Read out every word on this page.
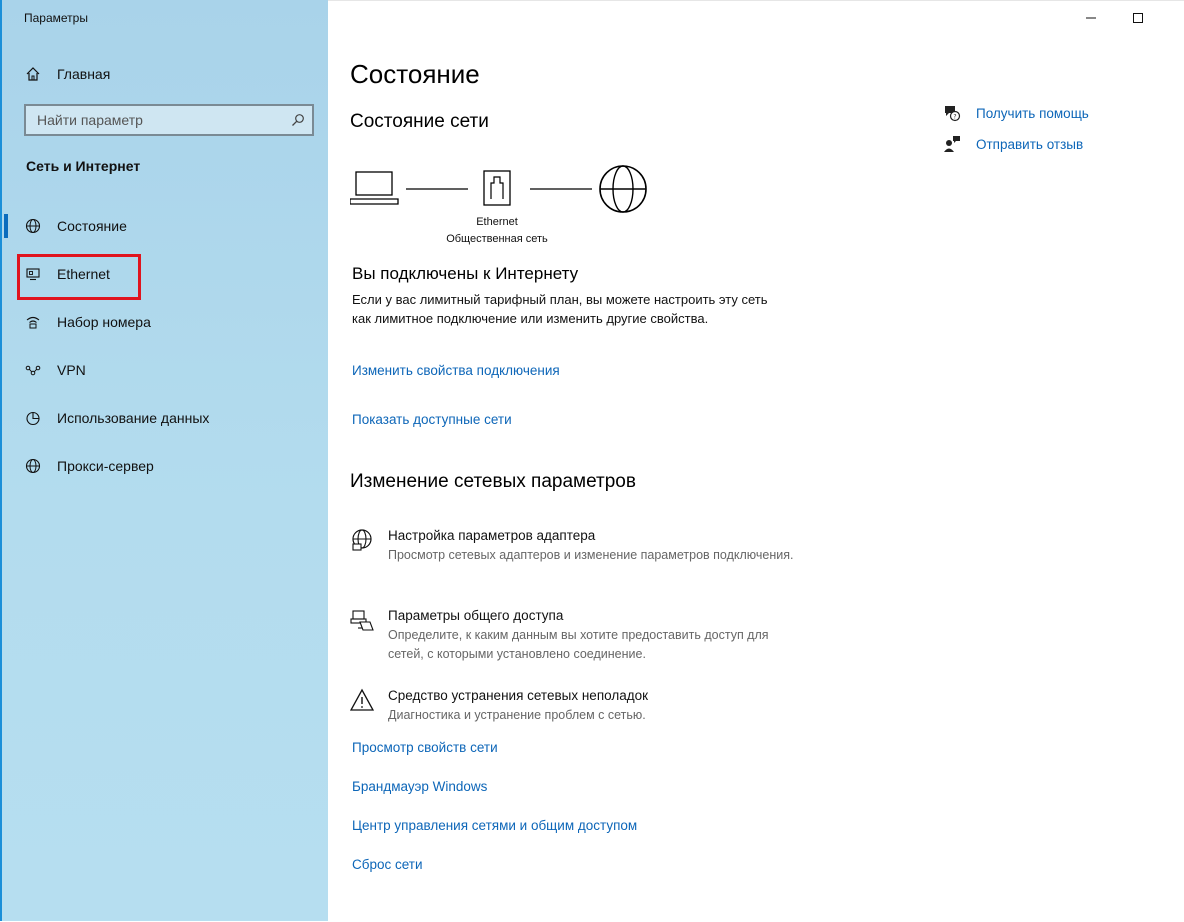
Параметры
Главная
Найти параметр
Сеть и Интернет
Состояние
Ethernet
Набор номера
VPN
Использование данных
Прокси-сервер
Состояние
Состояние сети
Ethernet
Общественная сеть
Вы подключены к Интернету
Если у вас лимитный тарифный план, вы можете настроить эту сеть как лимитное подключение или изменить другие свойства.
Изменить свойства подключения
Показать доступные сети
Изменение сетевых параметров
Настройка параметров адаптера
Просмотр сетевых адаптеров и изменение параметров подключения.
Параметры общего доступа
Определите, к каким данным вы хотите предоставить доступ для сетей, с которыми установлено соединение.
Средство устранения сетевых неполадок
Диагностика и устранение проблем с сетью.
Просмотр свойств сети
Брандмауэр Windows
Центр управления сетями и общим доступом
Сброс сети
? Получить помощь
Отправить отзыв
